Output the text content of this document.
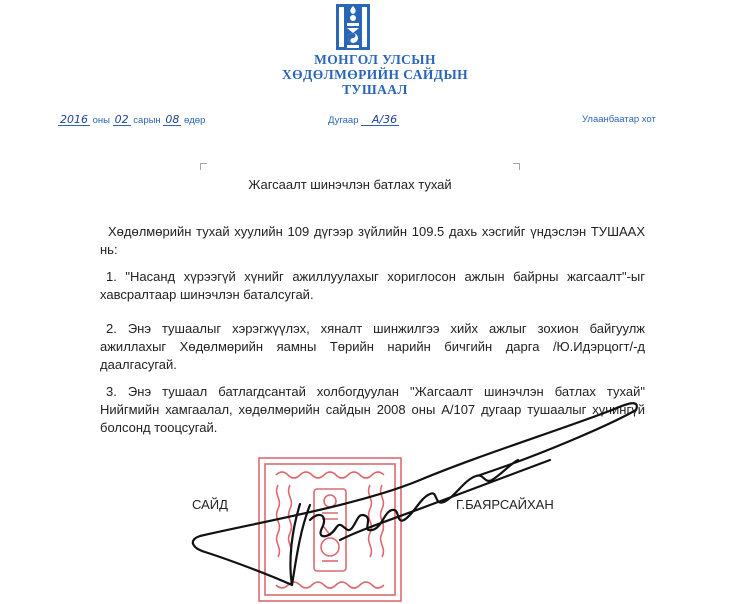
МОНГОЛ УЛСЫН
ХӨДӨЛМӨРИЙН САЙДЫН
ТУШААЛ
2016 оны 02 сарын 08 өдөр	Дугаар А/36	Улаанбаатар хот
Жагсаалт шинэчлэн батлах тухай
Хөдөлмөрийн тухай хуулийн 109 дүгээр зүйлийн 109.5 дахь хэсгийг үндэслэн ТУШААХ нь:
1. "Насанд хүрээгүй хүнийг ажиллуулахыг хориглосон ажлын байрны жагсаалт"-ыг хавсралтаар шинэчлэн баталсугай.
2. Энэ тушаалыг хэрэгжүүлэх, хяналт шинжилгээ хийх ажлыг зохион байгуулж ажиллахыг Хөдөлмөрийн яамны Төрийн нарийн бичгийн дарга /Ю.Идэрцогт/-д даалгасугай.
3. Энэ тушаал батлагдсантай холбогдуулан "Жагсаалт шинэчлэн батлах тухай" Нийгмийн хамгаалал, хөдөлмөрийн сайдын 2008 оны А/107 дугаар тушаалыг хүчингүй болсонд тооцсугай.
САЙД	Г.БАЯРСАЙХАН
